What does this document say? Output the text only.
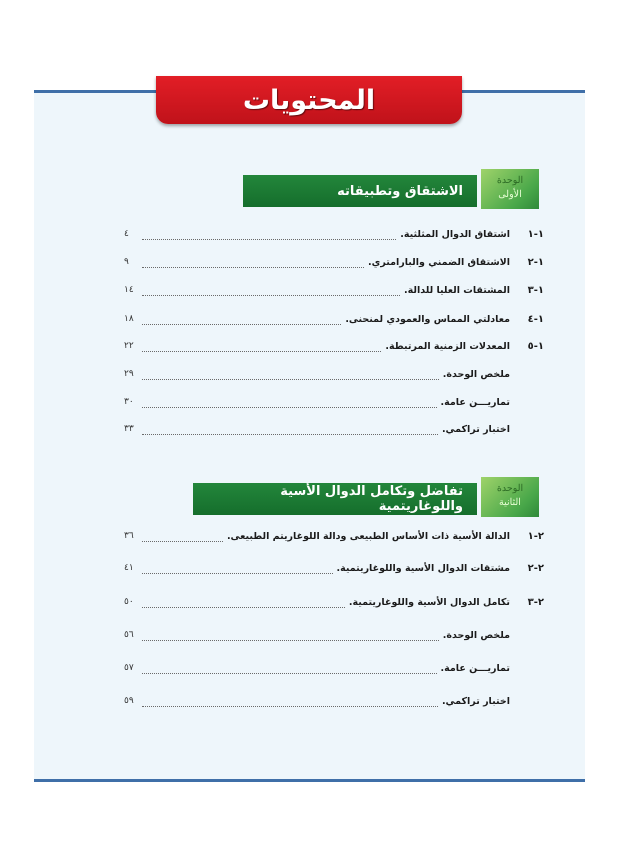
المحتويات
الاشتقاق وتطبيقاته
الوحدة
الأولى
١-١
اشتقاق الدوال المثلثية.
٤
١-٢
الاشتقاق الضمني والبارامتري.
٩
١-٣
المشتقات العليا للدالة.
١٤
١-٤
معادلتي المماس والعمودي لمنحنى.
١٨
١-٥
المعدلات الزمنية المرتبطة.
٢٢
ملخص الوحدة.
٢٩
تماريـــن عامة.
٣٠
اختبار تراكمي.
٣٣
تفاضل وتكامل الدوال الأسية واللوغاريتمية
الوحدة
الثانية
٢-١
الدالة الأسية ذات الأساس الطبيعى ودالة اللوغاريتم الطبيعى.
٣٦
٢-٢
مشتقات الدوال الأسية واللوغاريتمية.
٤١
٢-٣
تكامل الدوال الأسية واللوغاريتمية.
٥٠
ملخص الوحدة.
٥٦
تماريـــن عامة.
٥٧
اختبار تراكمي.
٥٩
